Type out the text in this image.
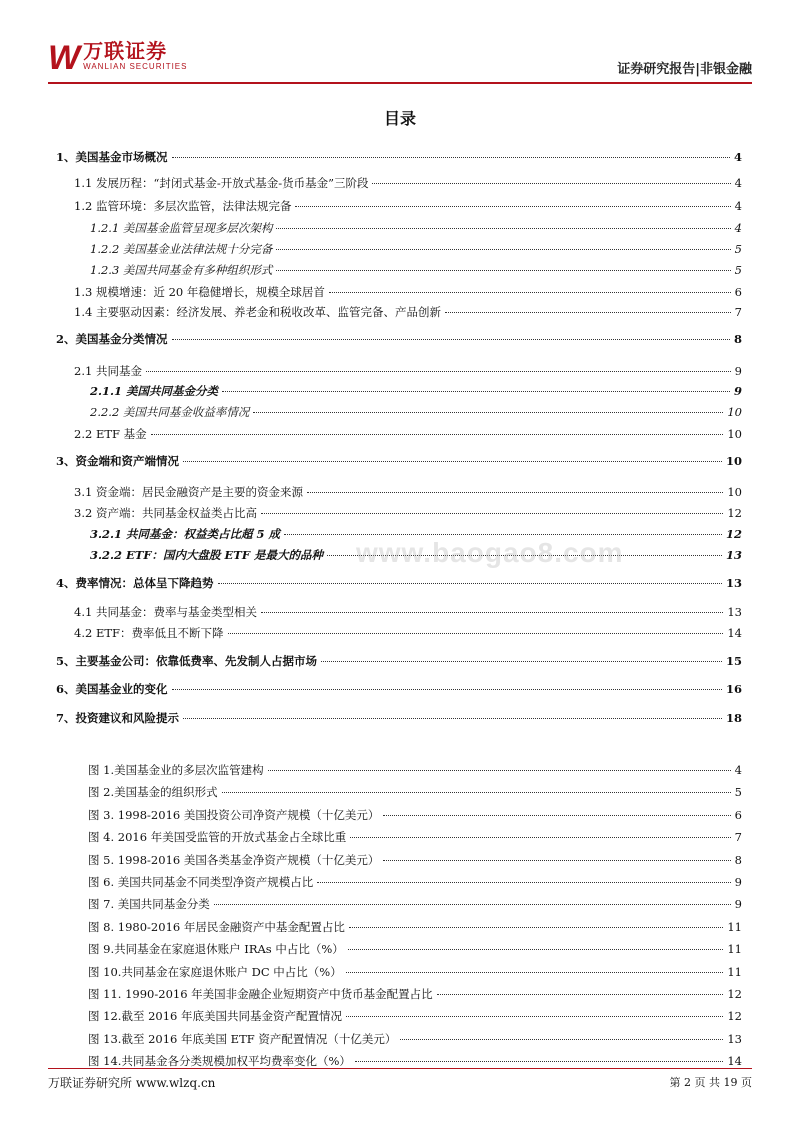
W 万联证券
WANLIAN SECURITIES	证券研究报告|非银金融
目录
1、美国基金市场概况	4
1.1 发展历程：“封闭式基金-开放式基金-货币基金”三阶段	4
1.2 监管环境：多层次监管，法律法规完备	4
1.2.1 美国基金监管呈现多层次架构	4
1.2.2 美国基金业法律法规十分完备	5
1.2.3 美国共同基金有多种组织形式	5
1.3 规模增速：近 20 年稳健增长，规模全球居首	6
1.4 主要驱动因素：经济发展、养老金和税收改革、监管完备、产品创新	7
2、美国基金分类情况	8
2.1 共同基金	9
2.1.1 美国共同基金分类	9
2.2.2 美国共同基金收益率情况	10
2.2 ETF 基金	10
3、资金端和资产端情况	10
3.1 资金端：居民金融资产是主要的资金来源	10
3.2 资产端：共同基金权益类占比高	12
3.2.1 共同基金：权益类占比超 5 成	12
3.2.2 ETF：国内大盘股 ETF 是最大的品种	13
4、费率情况：总体呈下降趋势	13
4.1 共同基金：费率与基金类型相关	13
4.2 ETF：费率低且不断下降	14
5、主要基金公司：依靠低费率、先发制人占据市场	15
6、美国基金业的变化	16
7、投资建议和风险提示	18
图 1.美国基金业的多层次监管建构	4
图 2.美国基金的组织形式	5
图 3. 1998-2016 美国投资公司净资产规模（十亿美元）	6
图 4. 2016 年美国受监管的开放式基金占全球比重	7
图 5. 1998-2016 美国各类基金净资产规模（十亿美元）	8
图 6. 美国共同基金不同类型净资产规模占比	9
图 7. 美国共同基金分类	9
图 8. 1980-2016 年居民金融资产中基金配置占比	11
图 9.共同基金在家庭退休账户 IRAs 中占比（%）	11
图 10.共同基金在家庭退休账户 DC 中占比（%）	11
图 11. 1990-2016 年美国非金融企业短期资产中货币基金配置占比	12
图 12.截至 2016 年底美国共同基金资产配置情况	12
图 13.截至 2016 年底美国 ETF 资产配置情况（十亿美元）	13
图 14.共同基金各分类规模加权平均费率变化（%）	14
www.baogao8.com
万联证券研究所 www.wlzq.cn	第 2 页 共 19 页
